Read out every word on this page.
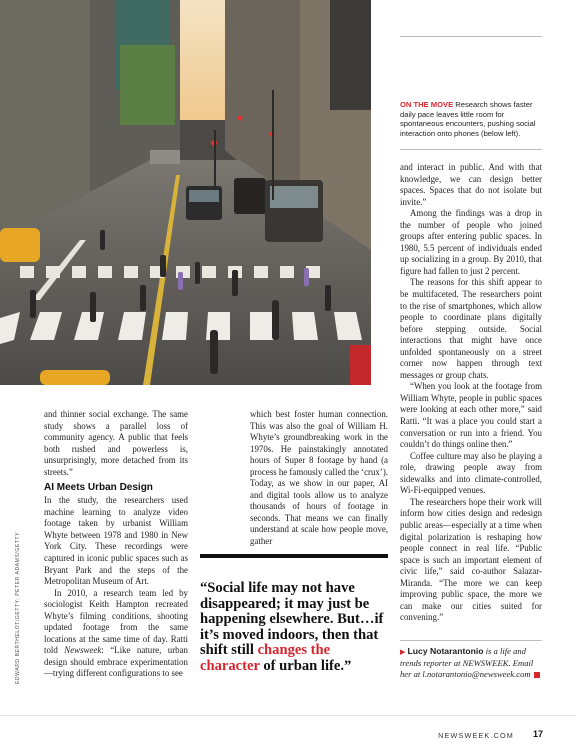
ON THE MOVE Research shows faster daily pace leaves little room for spontaneous encounters, pushing social interaction onto phones (below left).
EDWARD BERTHELOT/GETTY; PETER ADAMS/GETTY

and thinner social exchange. The same study shows a parallel loss of community agency. A public that feels both rushed and powerless is, unsurprisingly, more detached from its streets.”

AI Meets Urban Design

In the study, the researchers used machine learning to analyze video footage taken by urbanist William Whyte between 1978 and 1980 in New York City. These recordings were captured in iconic public spaces such as Bryant Park and the steps of the Metropolitan Museum of Art.

In 2010, a research team led by sociologist Keith Hampton recreated Whyte’s filming conditions, shooting updated footage from the same locations at the same time of day. Ratti told Newsweek: “Like nature, urban design should embrace experimentation—trying different configurations to see

which best foster human connection. This was also the goal of William H. Whyte’s groundbreaking work in the 1970s. He painstakingly annotated hours of Super 8 footage by hand (a process he famously called the ‘crux’). Today, as we show in our paper, AI and digital tools allow us to analyze thousands of hours of footage in seconds. That means we can finally understand at scale how people move, gather

“Social life may not have disappeared; it may just be happening elsewhere. But…if it’s moved indoors, then that shift still changes the character of urban life.”

and interact in public. And with that knowledge, we can design better spaces. Spaces that do not isolate but invite.”

Among the findings was a drop in the number of people who joined groups after entering public spaces. In 1980, 5.5 percent of individuals ended up socializing in a group. By 2010, that figure had fallen to just 2 percent.

The reasons for this shift appear to be multifaceted. The researchers point to the rise of smartphones, which allow people to coordinate plans digitally before stepping outside. Social interactions that might have once unfolded spontaneously on a street corner now happen through text messages or group chats.

“When you look at the footage from William Whyte, people in public spaces were looking at each other more,” said Ratti. “It was a place you could start a conversation or run into a friend. You couldn’t do things online then.”

Coffee culture may also be playing a role, drawing people away from sidewalks and into climate-controlled, Wi-Fi-equipped venues.

The researchers hope their work will inform how cities design and redesign public areas—especially at a time when digital polarization is reshaping how people connect in real life. “Public space is such an important element of civic life,” said co-author Salazar-Miranda. “The more we can keep improving public space, the more we can make our cities suited for convening.”

▶ Lucy Notarantonio is a life and trends reporter at NEWSWEEK. Email her at l.notarantonio@newsweek.com
NEWSWEEK.COM 17
